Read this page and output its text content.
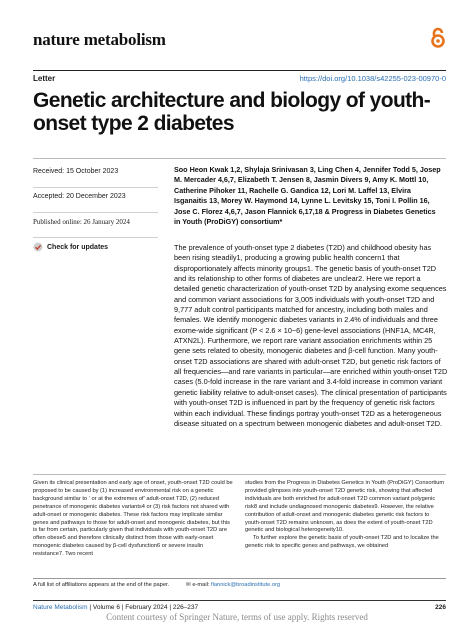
nature metabolism
Letter	https://doi.org/10.1038/s42255-023-00970-0
Genetic architecture and biology of youth-onset type 2 diabetes
Received: 15 October 2023
Accepted: 20 December 2023
Published online: 26 January 2024
Check for updates
Soo Heon Kwak 1,2, Shylaja Srinivasan 3, Ling Chen 4, Jennifer Todd 5, Josep M. Mercader 4,6,7, Elizabeth T. Jensen 8, Jasmin Divers 9, Amy K. Mottl 10, Catherine Pihoker 11, Rachelle G. Gandica 12, Lori M. Laffel 13, Elvira Isganaitis 13, Morey W. Haymond 14, Lynne L. Levitsky 15, Toni I. Pollin 16, Jose C. Florez 4,6,7, Jason Flannick 6,17,18 & Progress in Diabetes Genetics in Youth (ProDiGY) consortium*
The prevalence of youth-onset type 2 diabetes (T2D) and childhood obesity has been rising steadily1, producing a growing public health concern1 that disproportionately affects minority groups1. The genetic basis of youth-onset T2D and its relationship to other forms of diabetes are unclear2. Here we report a detailed genetic characterization of youth-onset T2D by analysing exome sequences and common variant associations for 3,005 individuals with youth-onset T2D and 9,777 adult control participants matched for ancestry, including both males and females. We identify monogenic diabetes variants in 2.4% of individuals and three exome-wide significant (P < 2.6 × 10−6) gene-level associations (HNF1A, MC4R, ATXN2L). Furthermore, we report rare variant association enrichments within 25 gene sets related to obesity, monogenic diabetes and β-cell function. Many youth-onset T2D associations are shared with adult-onset T2D, but genetic risk factors of all frequencies—and rare variants in particular—are enriched within youth-onset T2D cases (5.0-fold increase in the rare variant and 3.4-fold increase in common variant genetic liability relative to adult-onset cases). The clinical presentation of participants with youth-onset T2D is influenced in part by the frequency of genetic risk factors within each individual. These findings portray youth-onset T2D as a heterogeneous disease situated on a spectrum between monogenic diabetes and adult-onset T2D.
Given its clinical presentation and early age of onset, youth-onset T2D could be proposed to be caused by (1) increased environmental risk on a genetic background similar to ‘ or at the extremes of’ adult-onset T2D, (2) reduced penetrance of monogenic diabetes variants4 or (3) risk factors not shared with adult-onset or monogenic diabetes. These risk factors may implicate similar genes and pathways to those for adult-onset and monogenic diabetes, but this is far from certain, particularly given that individuals with youth-onset T2D are often obese5 and therefore clinically distinct from those with early-onset monogenic diabetes caused by β-cell dysfunction6 or severe insulin resistance7. Two recent
studies from the Progress in Diabetes Genetics in Youth (ProDiGY) Consortium provided glimpses into youth-onset T2D genetic risk, showing that affected individuals are both enriched for adult-onset T2D common variant polygenic risk8 and include undiagnosed monogenic diabetes9. However, the relative contribution of adult-onset and monogenic diabetes genetic risk factors to youth-onset T2D remains unknown, as does the extent of youth-onset T2D genetic and biological heterogeneity10.
To further explore the genetic basis of youth-onset T2D and to localize the genetic risk to specific genes and pathways, we obtained
A full list of affiliations appears at the end of the paper.	✉ e-mail: flannick@broadinstitute.org
Nature Metabolism | Volume 6 | February 2024 | 226–237	226
Content courtesy of Springer Nature, terms of use apply. Rights reserved
